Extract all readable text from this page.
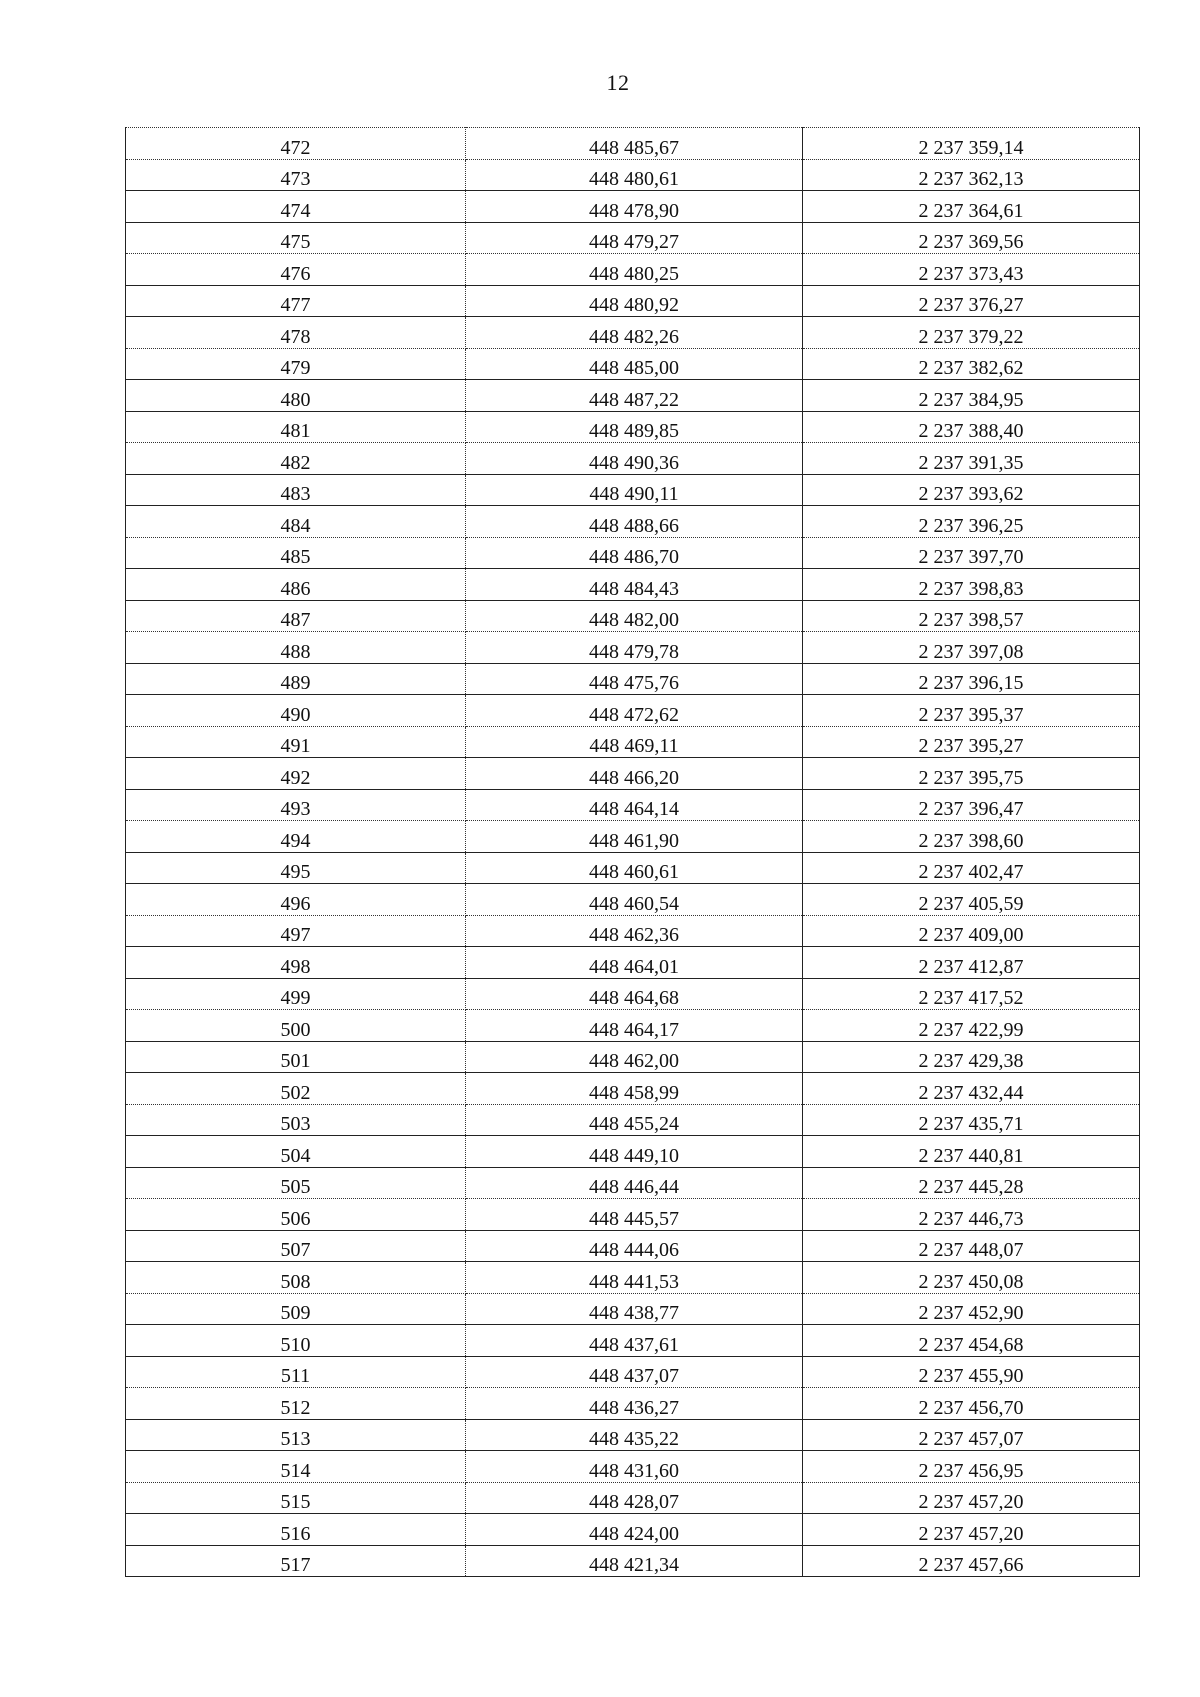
12
472	448 485,67	2 237 359,14
473	448 480,61	2 237 362,13
474	448 478,90	2 237 364,61
475	448 479,27	2 237 369,56
476	448 480,25	2 237 373,43
477	448 480,92	2 237 376,27
478	448 482,26	2 237 379,22
479	448 485,00	2 237 382,62
480	448 487,22	2 237 384,95
481	448 489,85	2 237 388,40
482	448 490,36	2 237 391,35
483	448 490,11	2 237 393,62
484	448 488,66	2 237 396,25
485	448 486,70	2 237 397,70
486	448 484,43	2 237 398,83
487	448 482,00	2 237 398,57
488	448 479,78	2 237 397,08
489	448 475,76	2 237 396,15
490	448 472,62	2 237 395,37
491	448 469,11	2 237 395,27
492	448 466,20	2 237 395,75
493	448 464,14	2 237 396,47
494	448 461,90	2 237 398,60
495	448 460,61	2 237 402,47
496	448 460,54	2 237 405,59
497	448 462,36	2 237 409,00
498	448 464,01	2 237 412,87
499	448 464,68	2 237 417,52
500	448 464,17	2 237 422,99
501	448 462,00	2 237 429,38
502	448 458,99	2 237 432,44
503	448 455,24	2 237 435,71
504	448 449,10	2 237 440,81
505	448 446,44	2 237 445,28
506	448 445,57	2 237 446,73
507	448 444,06	2 237 448,07
508	448 441,53	2 237 450,08
509	448 438,77	2 237 452,90
510	448 437,61	2 237 454,68
511	448 437,07	2 237 455,90
512	448 436,27	2 237 456,70
513	448 435,22	2 237 457,07
514	448 431,60	2 237 456,95
515	448 428,07	2 237 457,20
516	448 424,00	2 237 457,20
517	448 421,34	2 237 457,66
